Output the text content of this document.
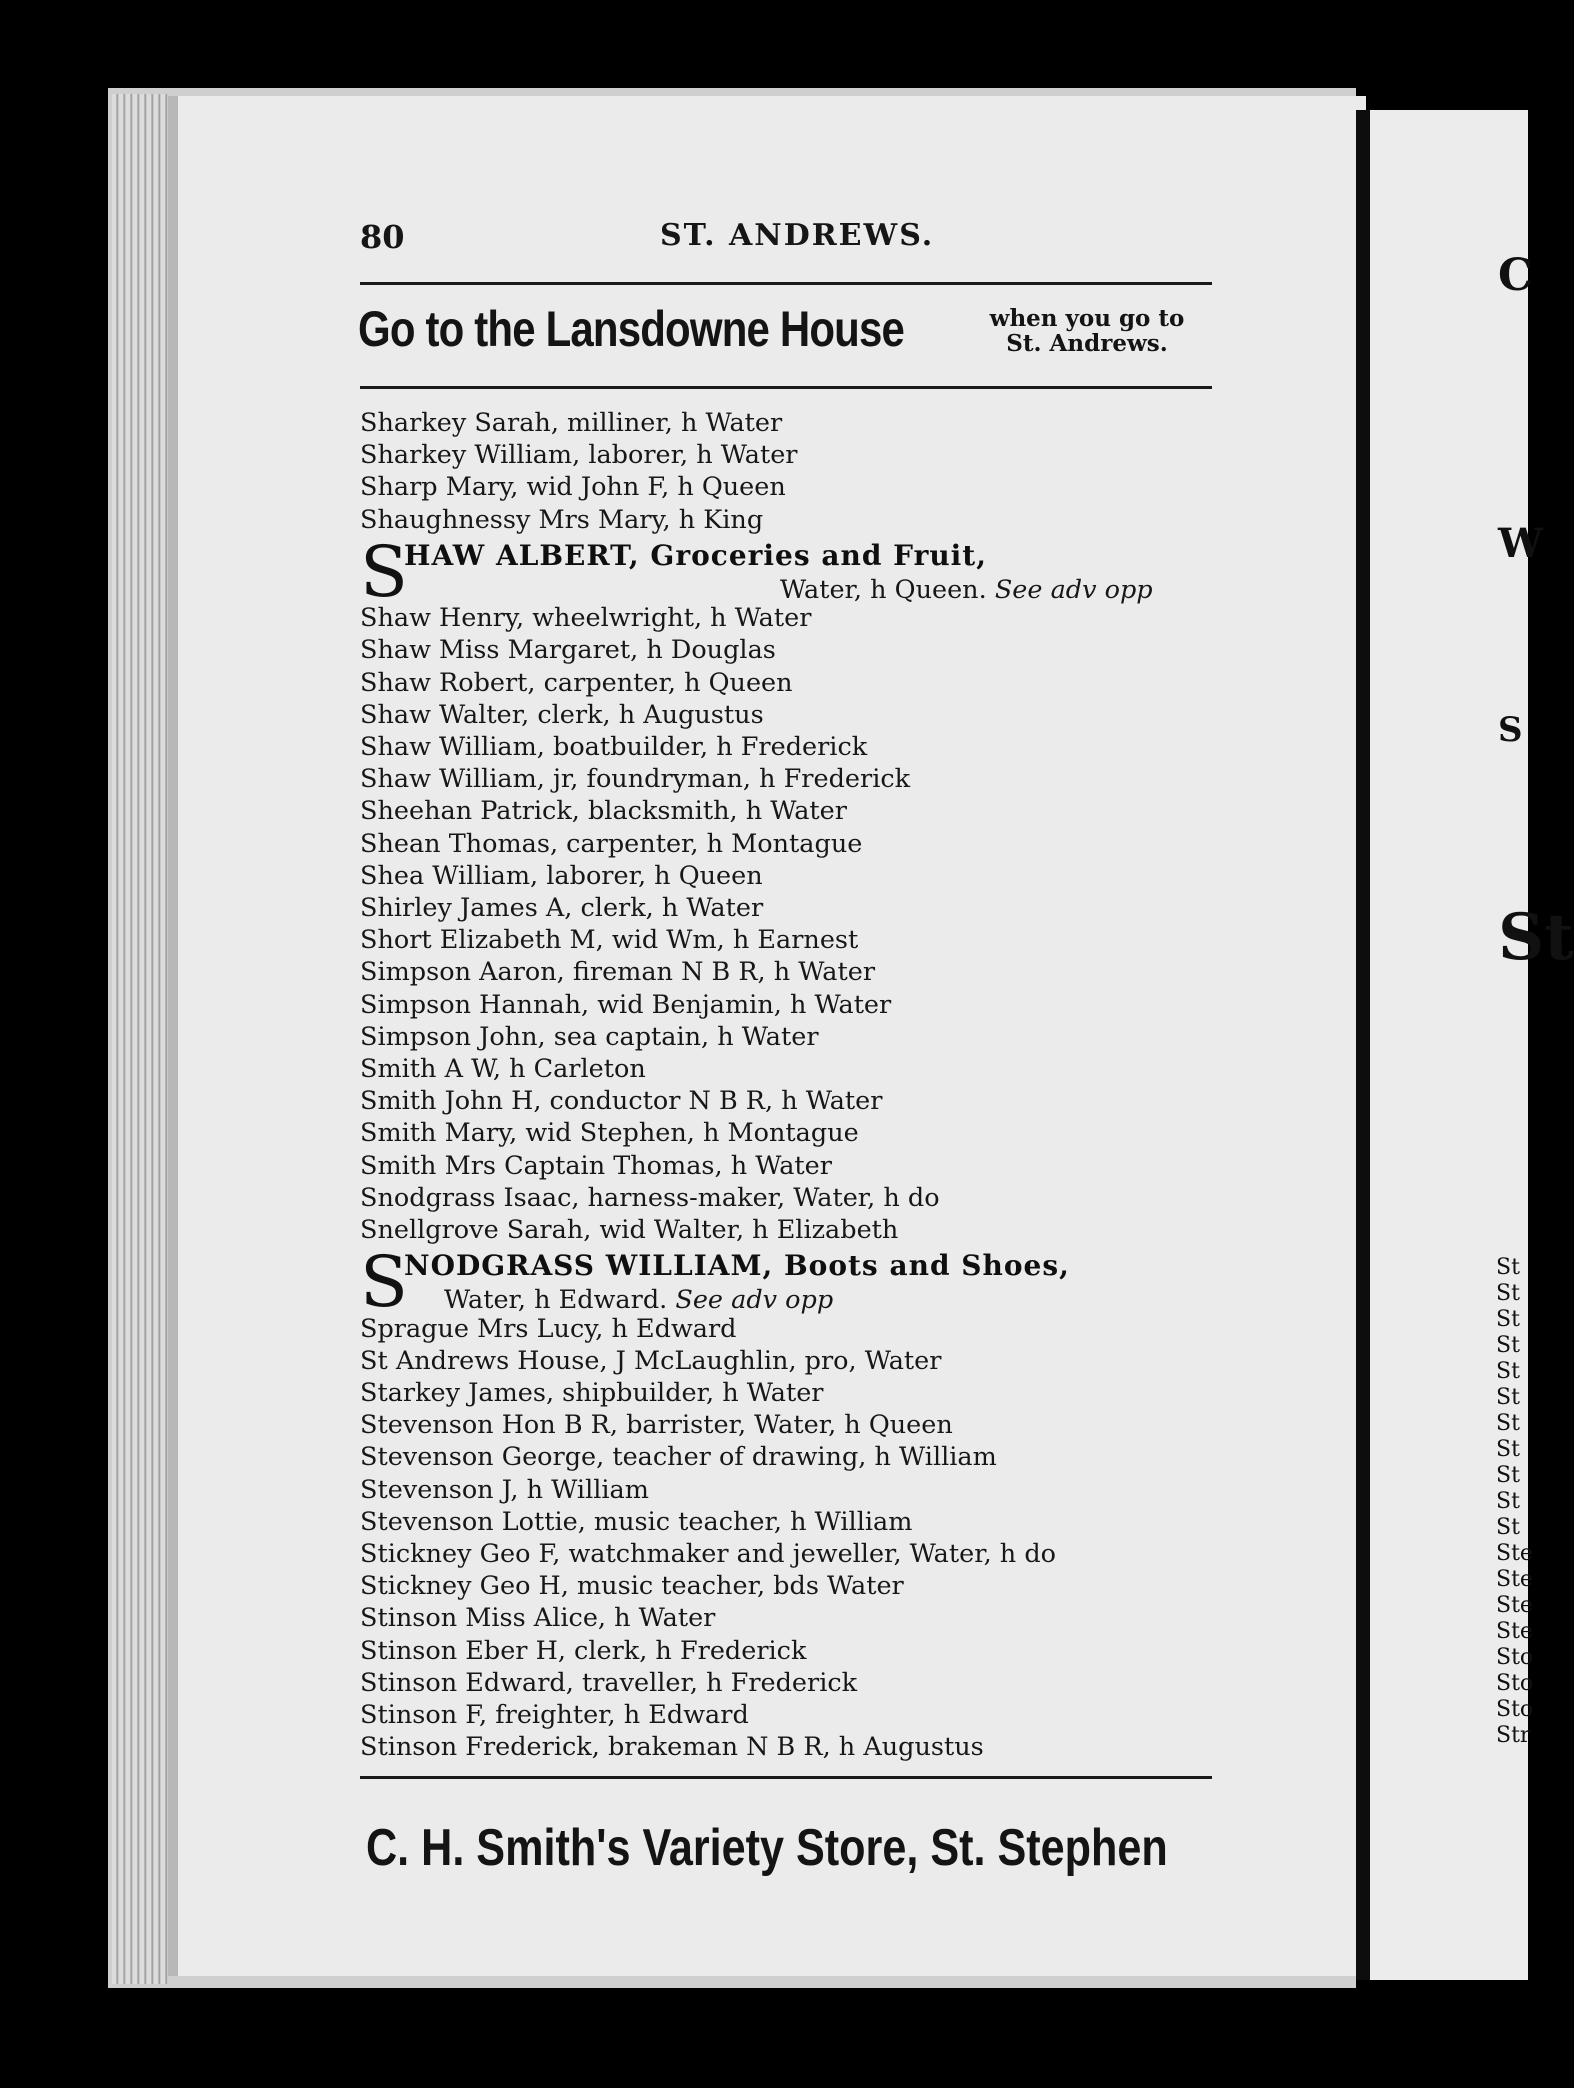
C
W
S
St
St
St
St
St
St
St
St
St
St
St
St
Ste
Ste
Ste
Ste
Sto
Sto
Sto
Str
80	ST. ANDREWS.
Go to the Lansdowne House	when you go to
St. Andrews.
Sharkey Sarah, milliner, h Water
Sharkey William, laborer, h Water
Sharp Mary, wid John F, h Queen
Shaughnessy Mrs Mary, h King
S
HAW ALBERT, Groceries and Fruit,
Water, h Queen. See adv opp
Shaw Henry, wheelwright, h Water
Shaw Miss Margaret, h Douglas
Shaw Robert, carpenter, h Queen
Shaw Walter, clerk, h Augustus
Shaw William, boatbuilder, h Frederick
Shaw William, jr, foundryman, h Frederick
Sheehan Patrick, blacksmith, h Water
Shean Thomas, carpenter, h Montague
Shea William, laborer, h Queen
Shirley James A, clerk, h Water
Short Elizabeth M, wid Wm, h Earnest
Simpson Aaron, fireman N B R, h Water
Simpson Hannah, wid Benjamin, h Water
Simpson John, sea captain, h Water
Smith A W, h Carleton
Smith John H, conductor N B R, h Water
Smith Mary, wid Stephen, h Montague
Smith Mrs Captain Thomas, h Water
Snodgrass Isaac, harness-maker, Water, h do
Snellgrove Sarah, wid Walter, h Elizabeth
S
NODGRASS WILLIAM, Boots and Shoes,
Water, h Edward. See adv opp
Sprague Mrs Lucy, h Edward
St Andrews House, J McLaughlin, pro, Water
Starkey James, shipbuilder, h Water
Stevenson Hon B R, barrister, Water, h Queen
Stevenson George, teacher of drawing, h William
Stevenson J, h William
Stevenson Lottie, music teacher, h William
Stickney Geo F, watchmaker and jeweller, Water, h do
Stickney Geo H, music teacher, bds Water
Stinson Miss Alice, h Water
Stinson Eber H, clerk, h Frederick
Stinson Edward, traveller, h Frederick
Stinson F, freighter, h Edward
Stinson Frederick, brakeman N B R, h Augustus
C. H. Smith's Variety Store, St. Stephen
